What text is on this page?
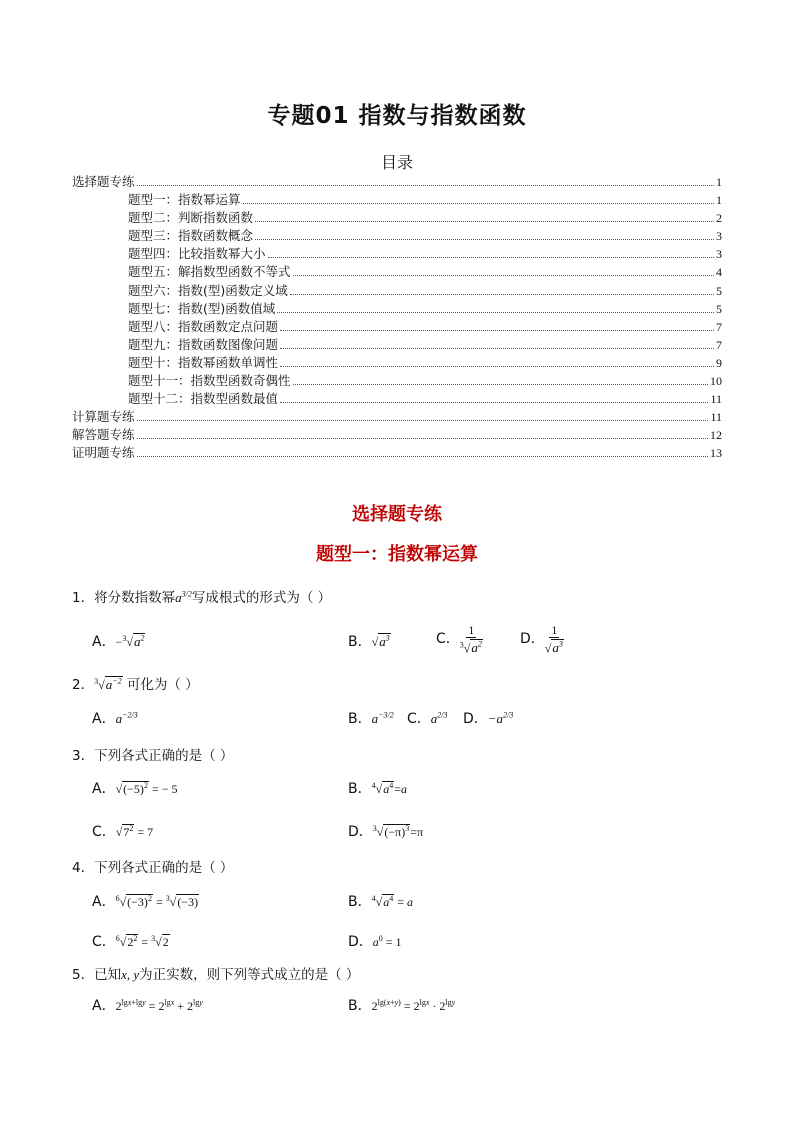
专题01 指数与指数函数
目录
选择题专练	1
题型一：指数幂运算	1
题型二：判断指数函数	2
题型三：指数函数概念	3
题型四：比较指数幂大小	3
题型五：解指数型函数不等式	4
题型六：指数(型)函数定义域	5
题型七：指数(型)函数值域	5
题型八：指数函数定点问题	7
题型九：指数函数图像问题	7
题型十：指数幂函数单调性	9
题型十一：指数型函数奇偶性	10
题型十二：指数型函数最值	11
计算题专练	11
解答题专练	12
证明题专练	13
选择题专练
题型一：指数幂运算
1．将分数指数幂$a^{3/2}$写成根式的形式为（ ）
A．$-^3√a^2$	B．$√a^3$	C． $\frac{1}{^3√a^2}$	D． $\frac{1}{√a^3}$
2．$^3√a^{-2}$ 可化为（ ）
A．$a^{-2/3}$	B．$a^{-3/2}$ C．$a^{2/3}$ D．$-a^{2/3}$
3．下列各式正确的是（ ）
A．$√(-5)^2$ = − 5	B．$^4√a^4=a$
C．$√7^2 = 7$	D．$^3√(-\pi)^3=\pi$
4．下列各式正确的是（ ）
A．$^6√(-3)^2 = ^3√(-3)$	B．$^4√a^4 = a$
C．$^6√2^2 = ^3√2$	D．$a^0 = 1$
5．已知x, y为正实数，则下列等式成立的是（ ）
A．$2^{lgx+lgy} = 2^{lgx} + 2^{lgy}$	B．$2^{lg(x+y)} = 2^{lgx} \cdot 2^{lgy}$
